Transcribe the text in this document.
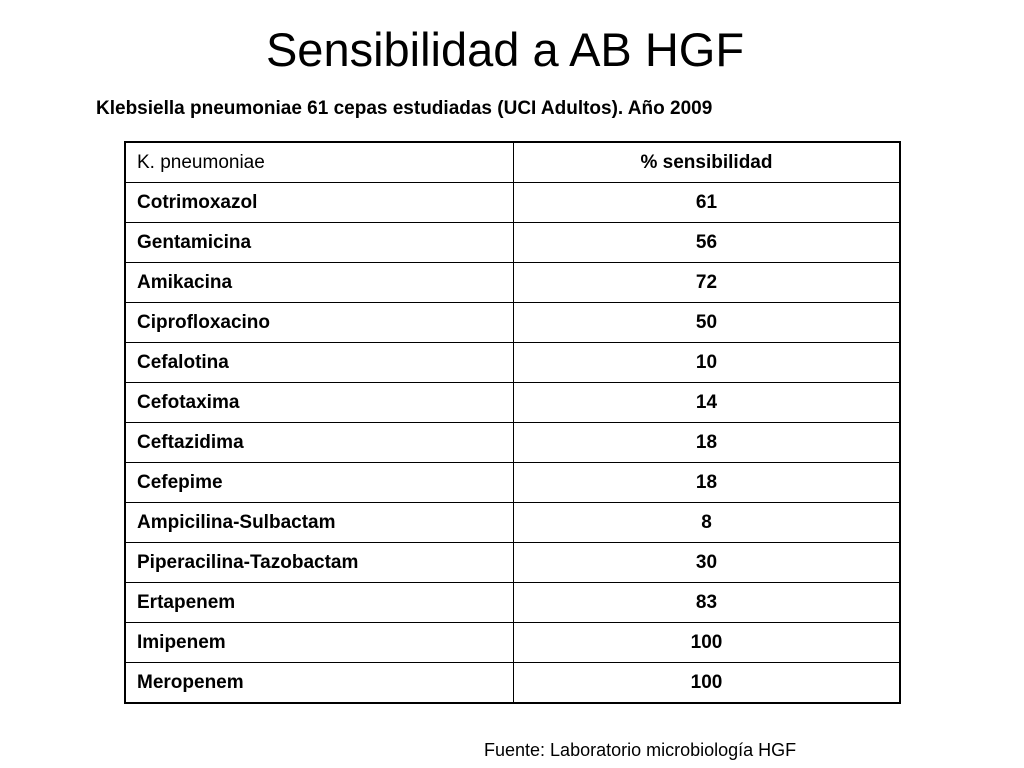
Sensibilidad a AB HGF

Klebsiella pneumoniae 61 cepas estudiadas (UCI Adultos). Año 2009

K. pneumoniae	% sensibilidad
Cotrimoxazol	61
Gentamicina	56
Amikacina	72
Ciprofloxacino	50
Cefalotina	10
Cefotaxima	14
Ceftazidima	18
Cefepime	18
Ampicilina-Sulbactam	8
Piperacilina-Tazobactam	30
Ertapenem	83
Imipenem	100
Meropenem	100

Fuente: Laboratorio microbiología HGF
